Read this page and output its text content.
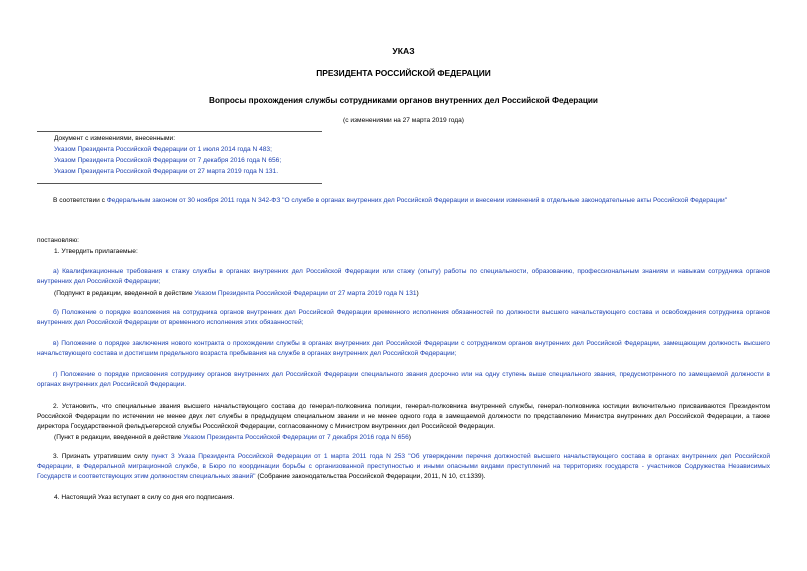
УКАЗ
ПРЕЗИДЕНТА РОССИЙСКОЙ ФЕДЕРАЦИИ
Вопросы прохождения службы сотрудниками органов внутренних дел Российской Федерации
(с изменениями на 27 марта 2019 года)
Документ с изменениями, внесенными:
Указом Президента Российской Федерации от 1 июля 2014 года N 483;
Указом Президента Российской Федерации от 7 декабря 2016 года N 656;
Указом Президента Российской Федерации от 27 марта 2019 года N 131.
В соответствии с Федеральным законом от 30 ноября 2011 года N 342-ФЗ "О службе в органах внутренних дел Российской Федерации и внесении изменений в отдельные законодательные акты Российской Федерации"
постановляю:
1. Утвердить прилагаемые:
а) Квалификационные требования к стажу службы в органах внутренних дел Российской Федерации или стажу (опыту) работы по специальности, образованию, профессиональным знаниям и навыкам сотрудника органов внутренних дел Российской Федерации;
(Подпункт в редакции, введенной в действие Указом Президента Российской Федерации от 27 марта 2019 года N 131)
б) Положение о порядке возложения на сотрудника органов внутренних дел Российской Федерации временного исполнения обязанностей по должности высшего начальствующего состава и освобождения сотрудника органов внутренних дел Российской Федерации от временного исполнения этих обязанностей;
в) Положение о порядке заключения нового контракта о прохождении службы в органах внутренних дел Российской Федерации с сотрудником органов внутренних дел Российской Федерации, замещающим должность высшего начальствующего состава и достигшим предельного возраста пребывания на службе в органах внутренних дел Российской Федерации;
г) Положение о порядке присвоения сотруднику органов внутренних дел Российской Федерации специального звания досрочно или на одну ступень выше специального звания, предусмотренного по замещаемой должности в органах внутренних дел Российской Федерации.
2. Установить, что специальные звания высшего начальствующего состава до генерал-полковника полиции, генерал-полковника внутренней службы, генерал-полковника юстиции включительно присваиваются Президентом Российской Федерации по истечении не менее двух лет службы в предыдущем специальном звании и не менее одного года в замещаемой должности по представлению Министра внутренних дел Российской Федерации, а также директора Государственной фельдъегерской службы Российской Федерации, согласованному с Министром внутренних дел Российской Федерации.
(Пункт в редакции, введенной в действие Указом Президента Российской Федерации от 7 декабря 2016 года N 656)
3. Признать утратившим силу пункт 3 Указа Президента Российской Федерации от 1 марта 2011 года N 253 "Об утверждении перечня должностей высшего начальствующего состава в органах внутренних дел Российской Федерации, в Федеральной миграционной службе, в Бюро по координации борьбы с организованной преступностью и иными опасными видами преступлений на территориях государств - участников Содружества Независимых Государств и соответствующих этим должностям специальных званий" (Собрание законодательства Российской Федерации, 2011, N 10, ст.1339).
4. Настоящий Указ вступает в силу со дня его подписания.
